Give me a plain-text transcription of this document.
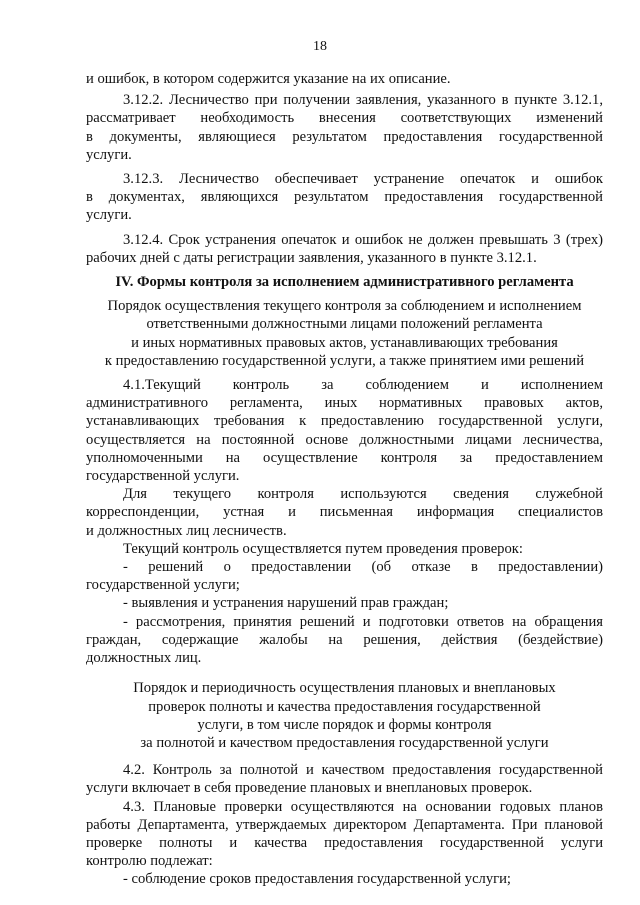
18
и ошибок, в котором содержится указание на их описание.
3.12.2. Лесничество при получении заявления, указанного в пункте 3.12.1,
рассматривает необходимость внесения соответствующих изменений
в документы, являющиеся результатом предоставления государственной
услуги.
3.12.3. Лесничество обеспечивает устранение опечаток и ошибок
в документах, являющихся результатом предоставления государственной
услуги.
3.12.4. Срок устранения опечаток и ошибок не должен превышать 3 (трех)
рабочих дней с даты регистрации заявления, указанного в пункте 3.12.1.
IV. Формы контроля за исполнением административного регламента
Порядок осуществления текущего контроля за соблюдением и исполнением
ответственными должностными лицами положений регламента
и иных нормативных правовых актов, устанавливающих требования
к предоставлению государственной услуги, а также принятием ими решений
4.1.Текущий контроль за соблюдением и исполнением
административного регламента, иных нормативных правовых актов,
устанавливающих требования к предоставлению государственной услуги,
осуществляется на постоянной основе должностными лицами лесничества,
уполномоченными на осуществление контроля за предоставлением
государственной услуги.
Для текущего контроля используются сведения служебной
корреспонденции, устная и письменная информация специалистов
и должностных лиц лесничеств.
Текущий контроль осуществляется путем проведения проверок:
- решений о предоставлении (об отказе в предоставлении)
государственной услуги;
- выявления и устранения нарушений прав граждан;
- рассмотрения, принятия решений и подготовки ответов на обращения
граждан, содержащие жалобы на решения, действия (бездействие)
должностных лиц.
Порядок и периодичность осуществления плановых и внеплановых
проверок полноты и качества предоставления государственной
услуги, в том числе порядок и формы контроля
за полнотой и качеством предоставления государственной услуги
4.2. Контроль за полнотой и качеством предоставления государственной
услуги включает в себя проведение плановых и внеплановых проверок.
4.3. Плановые проверки осуществляются на основании годовых планов
работы Департамента, утверждаемых директором Департамента. При плановой
проверке полноты и качества предоставления государственной услуги
контролю подлежат:
- соблюдение сроков предоставления государственной услуги;
